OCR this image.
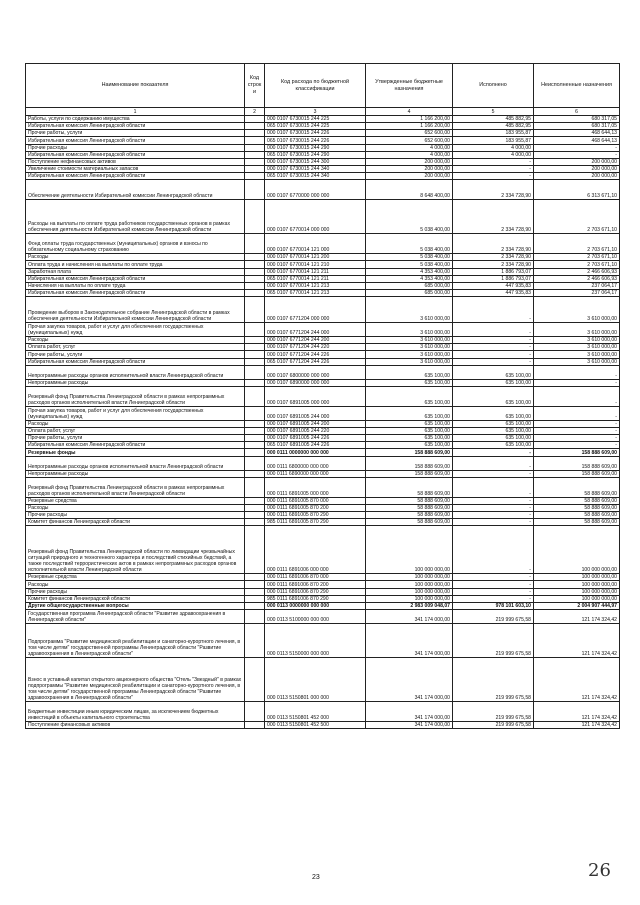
Наименование показателя	Код строки	Код расхода по бюджетной классификации	Утвержденные бюджетные назначения	Исполнено	Неисполненные назначения
1	2	3	4	5	6
Работы, услуги по содержанию имущества		000 0107 6730015 244 225	1 166 200,00	485 882,95	680 317,05
Избирательная комиссия Ленинградской области		065 0107 6730015 244 225	1 166 200,00	485 882,95	680 317,05
Прочие работы, услуги		000 0107 6730015 244 226	652 600,00	183 955,87	468 644,13
Избирательная комиссия Ленинградской области		065 0107 6730015 244 226	652 600,00	183 955,87	468 644,13
Прочие расходы		000 0107 6730015 244 290	4 000,00	4 000,00	-
Избирательная комиссия Ленинградской области		065 0107 6730015 244 290	4 000,00	4 000,00	-
Поступление нефинансовых активов		000 0107 6730015 244 300	200 000,00	-	200 000,00
Увеличение стоимости материальных запасов		000 0107 6730015 244 340	200 000,00	-	200 000,00
Избирательная комиссия Ленинградской области		065 0107 6730015 244 340	200 000,00	-	200 000,00
Обеспечение деятельности Избирательной комиссии Ленинградской области		000 0107 6770000 000 000	8 648 400,00	2 334 728,90	6 313 671,10
Расходы на выплаты по оплате труда работников государственных органов в рамках обеспечения деятельности Избирательной комиссии Ленинградской области		000 0107 6770014 000 000	5 038 400,00	2 334 728,90	2 703 671,10
Фонд оплаты труда государственных (муниципальных) органов и взносы по обязательному социальному страхованию		000 0107 6770014 121 000	5 038 400,00	2 334 728,90	2 703 671,10
Расходы		000 0107 6770014 121 200	5 038 400,00	2 334 728,90	2 703 671,10
Оплата труда и начисления на выплаты по оплате труда		000 0107 6770014 121 210	5 038 400,00	2 334 728,90	2 703 671,10
Заработная плата		000 0107 6770014 121 211	4 353 400,00	1 886 793,07	2 466 606,93
Избирательная комиссия Ленинградской области		065 0107 6770014 121 211	4 353 400,00	1 886 793,07	2 466 606,93
Начисления на выплаты по оплате труда		000 0107 6770014 121 213	685 000,00	447 935,83	237 064,17
Избирательная комиссия Ленинградской области		065 0107 6770014 121 213	685 000,00	447 935,83	237 064,17
Проведение выборов в Законодательное собрание Ленинградской области в рамках обеспечения деятельности Избирательной комиссии Ленинградской области		000 0107 6771204 000 000	3 610 000,00	-	3 610 000,00
Прочая закупка товаров, работ и услуг для обеспечения государственных (муниципальных) нужд		000 0107 6771204 244 000	3 610 000,00	-	3 610 000,00
Расходы		000 0107 6771204 244 200	3 610 000,00	-	3 610 000,00
Оплата работ, услуг		000 0107 6771204 244 220	3 610 000,00	-	3 610 000,00
Прочие работы, услуги		000 0107 6771204 244 226	3 610 000,00	-	3 610 000,00
Избирательная комиссия Ленинградской области		065 0107 6771204 244 226	3 610 000,00	-	3 610 000,00
Непрограммные расходы органов исполнительной власти Ленинградской области		000 0107 6800000 000 000	635 100,00	635 100,00	-
Непрограммные расходы		000 0107 6890000 000 000	635 100,00	635 100,00	-
Резервный фонд Правительства Ленинградской области в рамках непрограммных расходов органов исполнительной власти Ленинградской области		000 0107 6891005 000 000	635 100,00	635 100,00	-
Прочая закупка товаров, работ и услуг для обеспечения государственных (муниципальных) нужд		000 0107 6891005 244 000	635 100,00	635 100,00	-
Расходы		000 0107 6891005 244 200	635 100,00	635 100,00	-
Оплата работ, услуг		000 0107 6891005 244 220	635 100,00	635 100,00	-
Прочие работы, услуги		000 0107 6891005 244 226	635 100,00	635 100,00	-
Избирательная комиссия Ленинградской области		065 0107 6891005 244 226	635 100,00	635 100,00	-
Резервные фонды		000 0111 0000000 000 000	158 888 609,00	-	158 888 609,00
Непрограммные расходы органов исполнительной власти Ленинградской области		000 0111 6800000 000 000	158 888 609,00	-	158 888 609,00
Непрограммные расходы		000 0111 6890000 000 000	158 888 609,00	-	158 888 609,00
Резервный фонд Правительства Ленинградской области в рамках непрограммных расходов органов исполнительной власти Ленинградской области		000 0111 6891005 000 000	58 888 609,00	-	58 888 609,00
Резервные средства		000 0111 6891005 870 000	58 888 609,00	-	58 888 609,00
Расходы		000 0111 6891005 870 200	58 888 609,00	-	58 888 609,00
Прочие расходы		000 0111 6891005 870 290	58 888 609,00	-	58 888 609,00
Комитет финансов Ленинградской области		985 0111 6891005 870 290	58 888 609,00	-	58 888 609,00
Резервный фонд Правительства Ленинградской области по ликвидации чрезвычайных ситуаций природного и техногенного характера и последствий стихийных бедствий, а также последствий террористических актов в рамках непрограммных расходов органов исполнительной власти Ленинградской области		000 0111 6891006 000 000	100 000 000,00	-	100 000 000,00
Резервные средства		000 0111 6891006 870 000	100 000 000,00	-	100 000 000,00
Расходы		000 0111 6891006 870 200	100 000 000,00	-	100 000 000,00
Прочие расходы		000 0111 6891006 870 290	100 000 000,00	-	100 000 000,00
Комитет финансов Ленинградской области		985 0111 6891006 870 290	100 000 000,00	-	100 000 000,00
Другие общегосударственные вопросы		000 0113 0000000 000 000	2 983 009 048,07	978 101 603,10	2 004 907 444,97
Государственная программа Ленинградской области "Развитие здравоохранения в Ленинградской области"		000 0113 5100000 000 000	341 174 000,00	219 999 675,58	121 174 324,42
Подпрограмма "Развитие медицинской реабилитации и санаторно-курортного лечения, в том числе детям" государственной программы Ленинградской области "Развитие здравоохранения в Ленинградской области"		000 0113 5150000 000 000	341 174 000,00	219 999 675,58	121 174 324,42
Взнос в уставный капитал открытого акционерного общества "Отель "Звездный" в рамках подпрограммы "Развитие медицинской реабилитации и санаторно-курортного лечения, в том числе детям" государственной программы Ленинградской области "Развитие здравоохранения в Ленинградской области"		000 0113 5150801 000 000	341 174 000,00	219 999 675,58	121 174 324,42
Бюджетные инвестиции иным юридическим лицам, за исключением бюджетных инвестиций в объекты капитального строительства		000 0113 5150801 452 000	341 174 000,00	219 999 675,58	121 174 324,42
Поступление финансовых активов		000 0113 5150801 452 500	341 174 000,00	219 999 675,58	121 174 324,42
23	26
